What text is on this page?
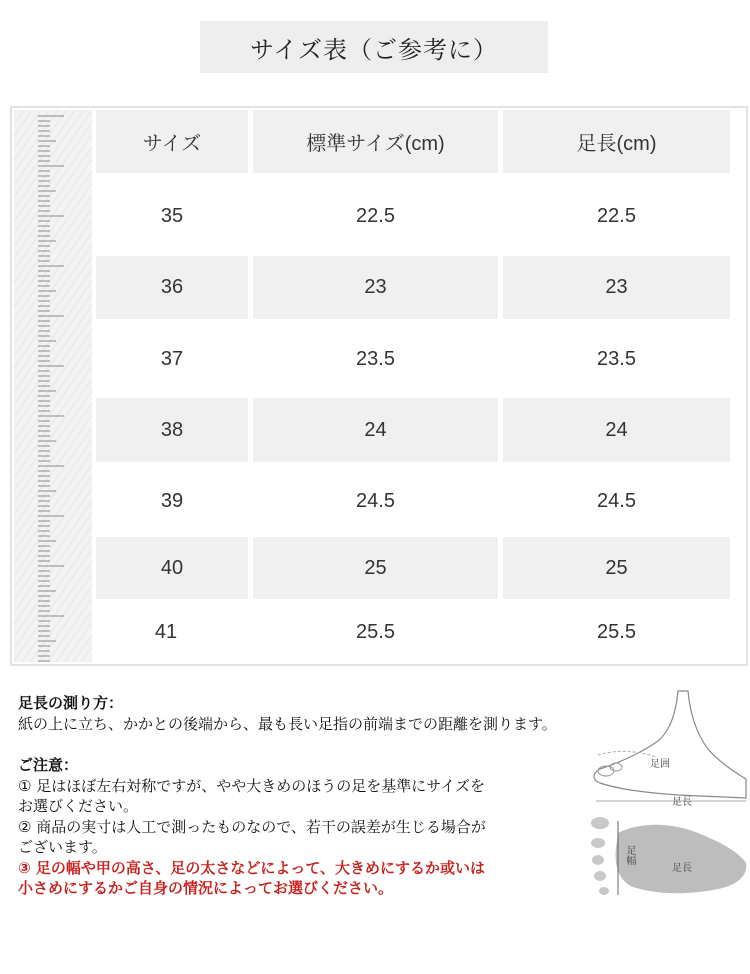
サイズ表（ご参考に）
サイズ	標準サイズ(cm)	足長(cm)
35	22.5	22.5
36	23	23
37	23.5	23.5
38	24	24
39	24.5	24.5
40	25	25
41	25.5	25.5

足長の測り方：

紙の上に立ち、かかとの後端から、最も長い足指の前端までの距離を測ります。

ご注意：

① 足はほぼ左右対称ですが、やや大きめのほうの足を基準にサイズを

お選びください。

② 商品の実寸は人工で測ったものなので、若干の誤差が生じる場合が

ございます。

③ 足の幅や甲の高さ、足の太さなどによって、大きめにするか或いは

小さめにするかご自身の情況によってお選びください。

足囲
足長
足幅
足長
